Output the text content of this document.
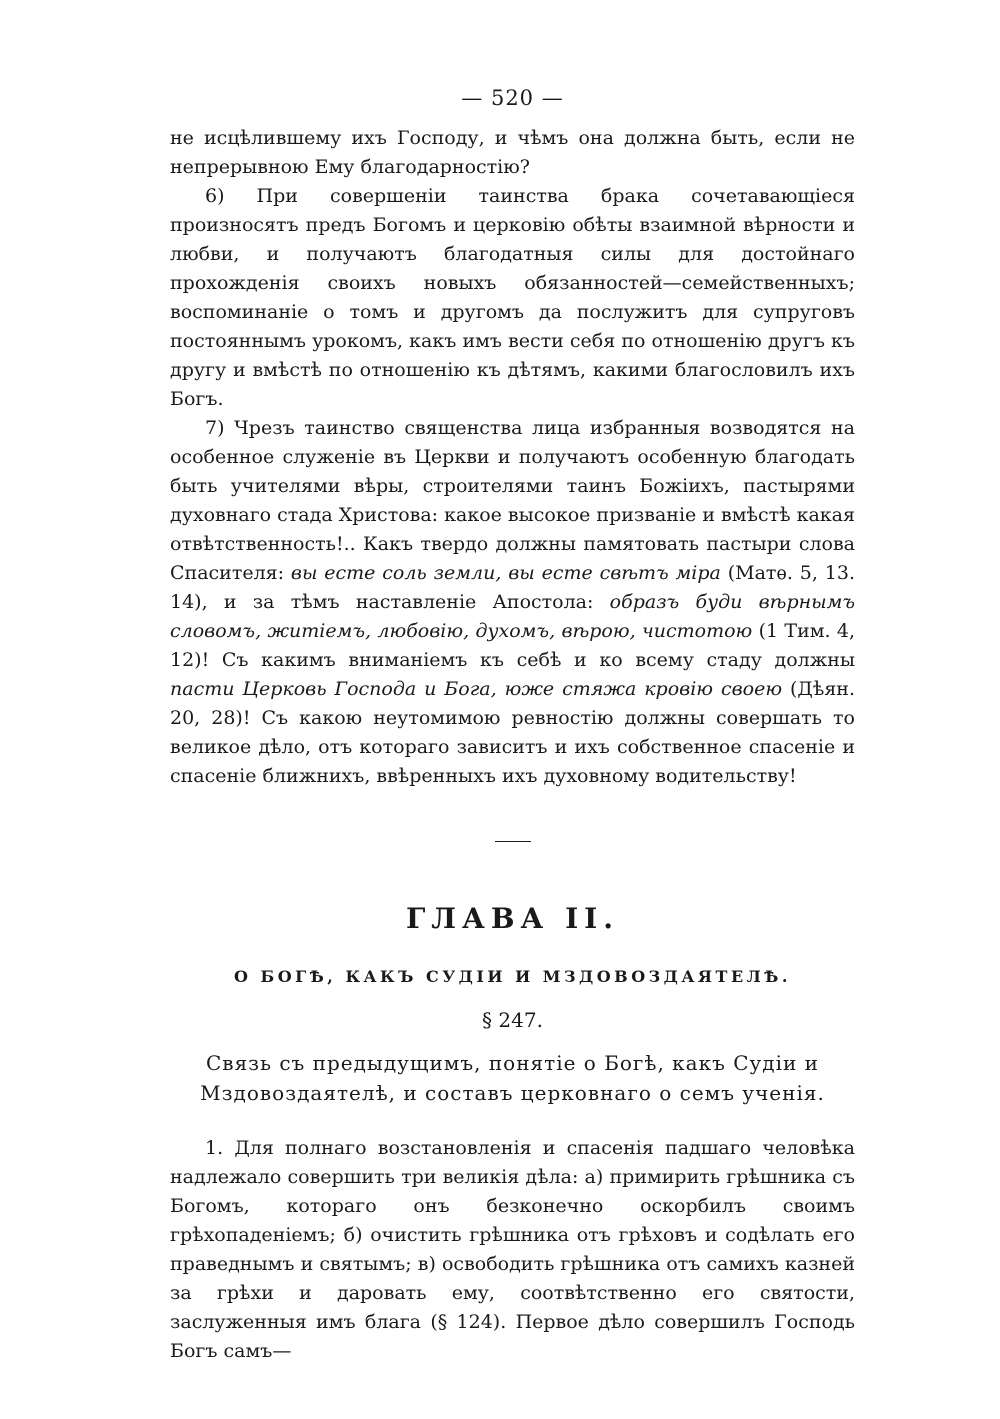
— 520 —

не исцѣлившему ихъ Господу, и чѣмъ она должна быть, если не непрерывною Ему благодарностію?

6) При совершеніи таинства брака сочетавающіеся произносятъ предъ Богомъ и церковію обѣты взаимной вѣрности и любви, и получаютъ благодатныя силы для достойнаго прохожденія своихъ новыхъ обязанностей—семейственныхъ; воспоминаніе о томъ и другомъ да послужитъ для супруговъ постояннымъ урокомъ, какъ имъ вести себя по отношенію другъ къ другу и вмѣстѣ по отношенію къ дѣтямъ, какими благословилъ ихъ Богъ.

7) Чрезъ таинство священства лица избранныя возводятся на особенное служеніе въ Церкви и получаютъ особенную благодать быть учителями вѣры, строителями таинъ Божіихъ, пастырями духовнаго стада Христова: какое высокое призваніе и вмѣстѣ какая отвѣтственность!.. Какъ твердо должны памятовать пастыри слова Спасителя: вы есте соль земли, вы есте свѣтъ міра (Матѳ. 5, 13. 14), и за тѣмъ наставленіе Апостола: образъ буди вѣрнымъ словомъ, житіемъ, любовію, духомъ, вѣрою, чистотою (1 Тим. 4, 12)! Съ какимъ вниманіемъ къ себѣ и ко всему стаду должны пасти Церковь Господа и Бога, юже стяжа кровію своею (Дѣян. 20, 28)! Съ какою неутомимою ревностію должны совершать то великое дѣло, отъ котораго зависитъ и ихъ собственное спасеніе и спасеніе ближнихъ, ввѣренныхъ ихъ духовному водительству!

ГЛАВА II.
О БОГѢ, КАКЪ СУДІИ И МЗДОВОЗДАЯТЕЛѢ.
§ 247.
Связь съ предыдущимъ, понятіе о Богѣ, какъ Судіи и Мздовоздаятелѣ, и составъ церковнаго о семъ ученія.

1. Для полнаго возстановленія и спасенія падшаго человѣка надлежало совершить три великія дѣла: а) примирить грѣшника съ Богомъ, котораго онъ безконечно оскорбилъ своимъ грѣхопаденіемъ; б) очистить грѣшника отъ грѣховъ и содѣлать его праведнымъ и святымъ; в) освободить грѣшника отъ самихъ казней за грѣхи и даровать ему, соотвѣтственно его святости, заслуженныя имъ блага (§ 124). Первое дѣло совершилъ Господь Богъ самъ—
